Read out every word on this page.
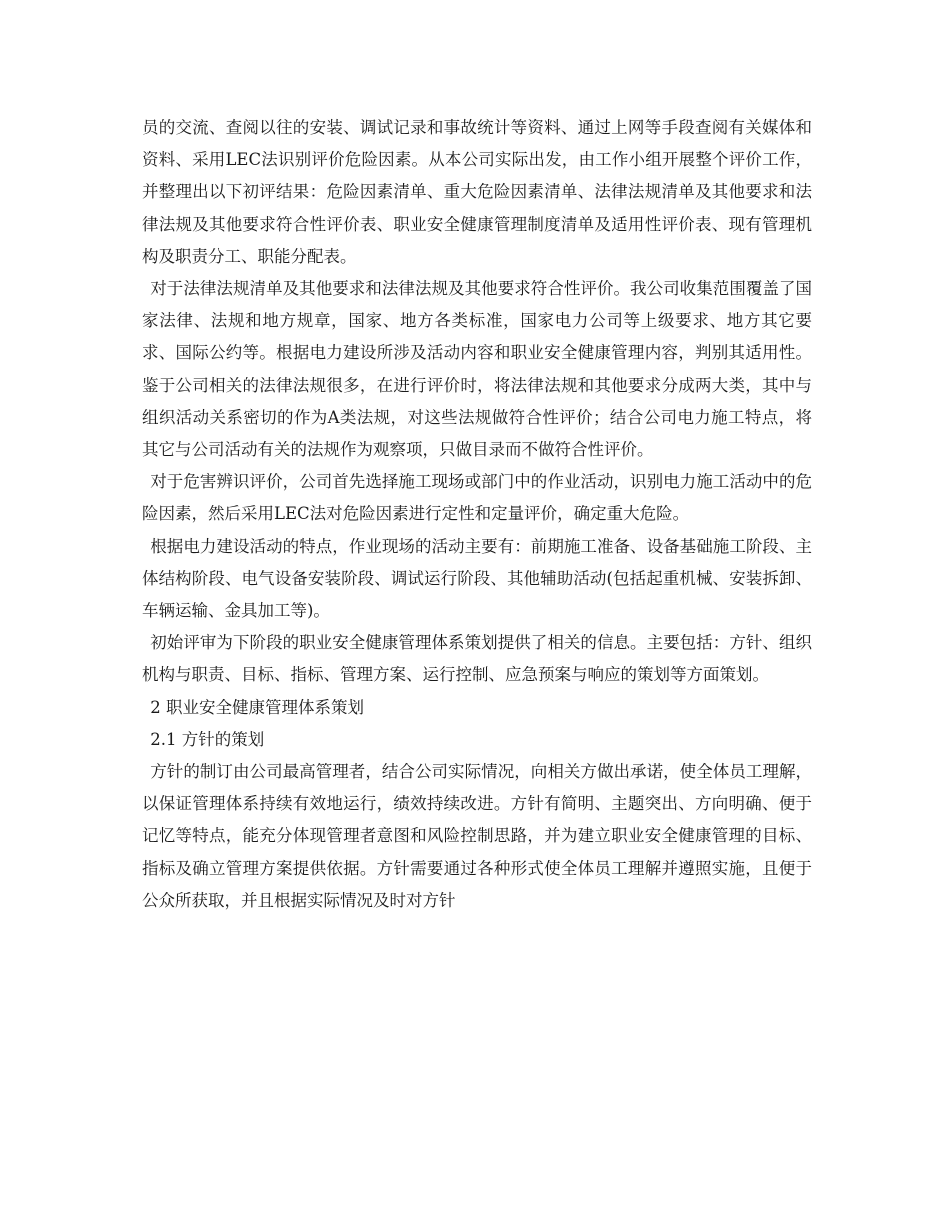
员的交流、查阅以往的安装、调试记录和事故统计等资料、通过上网等手段查阅有关媒体和资料、采用LEC法识别评价危险因素。从本公司实际出发，由工作小组开展整个评价工作，并整理出以下初评结果：危险因素清单、重大危险因素清单、法律法规清单及其他要求和法律法规及其他要求符合性评价表、职业安全健康管理制度清单及适用性评价表、现有管理机构及职责分工、职能分配表。

对于法律法规清单及其他要求和法律法规及其他要求符合性评价。我公司收集范围覆盖了国家法律、法规和地方规章，国家、地方各类标准，国家电力公司等上级要求、地方其它要求、国际公约等。根据电力建设所涉及活动内容和职业安全健康管理内容，判别其适用性。鉴于公司相关的法律法规很多，在进行评价时，将法律法规和其他要求分成两大类，其中与组织活动关系密切的作为A类法规，对这些法规做符合性评价；结合公司电力施工特点，将其它与公司活动有关的法规作为观察项，只做目录而不做符合性评价。

对于危害辨识评价，公司首先选择施工现场或部门中的作业活动，识别电力施工活动中的危险因素，然后采用LEC法对危险因素进行定性和定量评价，确定重大危险。

根据电力建设活动的特点，作业现场的活动主要有：前期施工准备、设备基础施工阶段、主体结构阶段、电气设备安装阶段、调试运行阶段、其他辅助活动(包括起重机械、安装拆卸、车辆运输、金具加工等)。

初始评审为下阶段的职业安全健康管理体系策划提供了相关的信息。主要包括：方针、组织机构与职责、目标、指标、管理方案、运行控制、应急预案与响应的策划等方面策划。

2 职业安全健康管理体系策划

2.1 方针的策划

方针的制订由公司最高管理者，结合公司实际情况，向相关方做出承诺，使全体员工理解，以保证管理体系持续有效地运行，绩效持续改进。方针有简明、主题突出、方向明确、便于记忆等特点，能充分体现管理者意图和风险控制思路，并为建立职业安全健康管理的目标、指标及确立管理方案提供依据。方针需要通过各种形式使全体员工理解并遵照实施，且便于公众所获取，并且根据实际情况及时对方针
